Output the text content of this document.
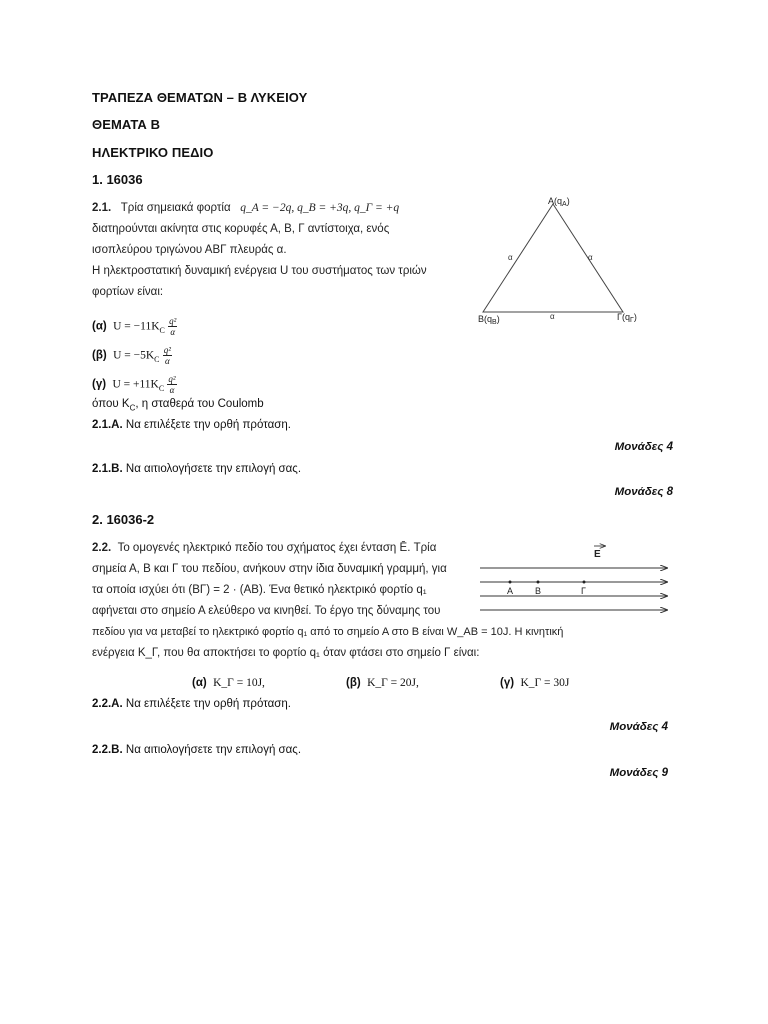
ΤΡΑΠΕΖΑ ΘΕΜΑΤΩΝ – Β ΛΥΚΕΙΟΥ
ΘΕΜΑΤΑ Β
ΗΛΕΚΤΡΙΚΟ ΠΕΔΙΟ
1. 16036
2.1. Τρία σημειακά φορτία q_A = −2q, q_B = +3q, q_Γ = +q
διατηρούνται ακίνητα στις κορυφές Α, Β, Γ αντίστοιχα, ενός
ισοπλεύρου τριγώνου ΑΒΓ πλευράς α.
Η ηλεκτροστατική δυναμική ενέργεια U του συστήματος των τριών
φορτίων είναι:
(α) $U = -11K_C \frac{\text{q²}}{\alpha}$
(β) $U = -5K_C \frac{\text{q²}}{\alpha}$
(γ) $U = +11K_C \frac{\text{q²}}{\alpha}$
όπου $K_C$, η σταθερά του Coulomb
2.1.Α. Να επιλέξετε την ορθή πρόταση.
Μονάδες 4
2.1.Β. Να αιτιολογήσετε την επιλογή σας.
Μονάδες 8
$A(q_A)$
$B(q_B)$	$\Gamma(q_\Gamma)$
α	α
α
2. 16036-2
2.2. Το ομογενές ηλεκτρικό πεδίο του σχήματος έχει ένταση Ē. Τρία
σημεία Α, Β και Γ του πεδίου, ανήκουν στην ίδια δυναμική γραμμή, για
τα οποία ισχύει ότι (ΒΓ) = 2 · (ΑΒ). Ένα θετικό ηλεκτρικό φορτίο q₁
αφήνεται στο σημείο Α ελεύθερο να κινηθεί. Το έργο της δύναμης του
πεδίου για να μεταβεί το ηλεκτρικό φορτίο q₁ από το σημείο Α στο Β είναι W_AB = 10J. Η κινητική
ενέργεια K_Γ, που θα αποκτήσει το φορτίο q₁ όταν φτάσει στο σημείο Γ είναι:
E
Α Β	Γ
(α) K_Γ = 10J,	(β) K_Γ = 20J,	(γ) K_Γ = 30J
2.2.Α. Να επιλέξετε την ορθή πρόταση.
Μονάδες 4
2.2.Β. Να αιτιολογήσετε την επιλογή σας.
Μονάδες 9
